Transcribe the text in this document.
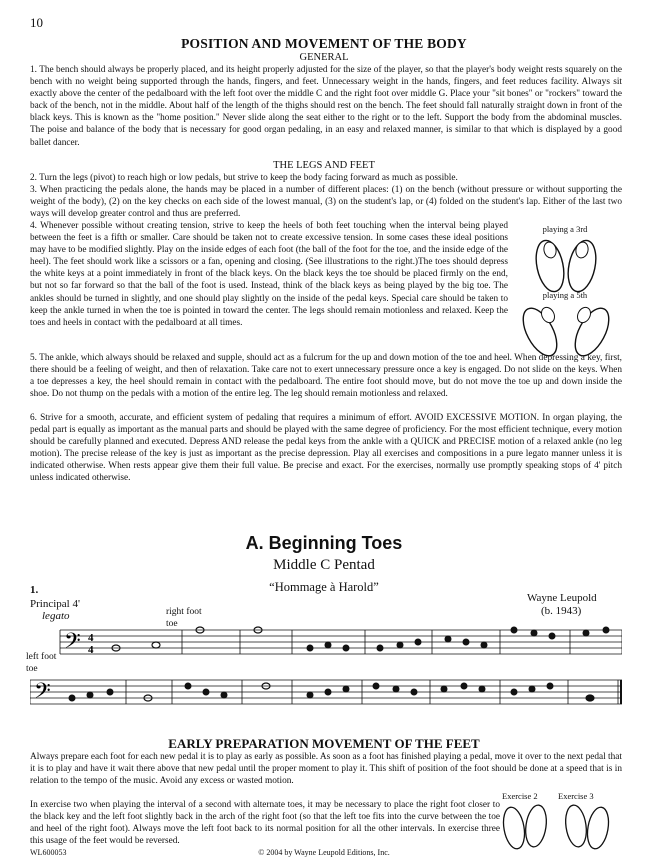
10
POSITION AND MOVEMENT OF THE BODY
GENERAL
1. The bench should always be properly placed, and its height properly adjusted for the size of the player, so that the player's body weight rests squarely on the bench with no weight being supported through the hands, fingers, and feet. Unnecessary weight in the hands, fingers, and feet reduces facility. Always sit exactly above the center of the pedalboard with the left foot over the middle C and the right foot over middle G. Place your "sit bones" or "rockers" toward the back of the bench, not in the middle. About half of the length of the thighs should rest on the bench. The feet should fall naturally straight down in front of the black keys. This is known as the "home position." Never slide along the seat either to the right or to the left. Support the body from the abdominal muscles. The poise and balance of the body that is necessary for good organ pedaling, in an easy and relaxed manner, is similar to that which is displayed by a good ballet dancer.
THE LEGS AND FEET
2. Turn the legs (pivot) to reach high or low pedals, but strive to keep the body facing forward as much as possible.
3. When practicing the pedals alone, the hands may be placed in a number of different places: (1) on the bench (without pressure or without supporting the weight of the body), (2) on the key checks on each side of the lowest manual, (3) on the student's lap, or (4) folded on the student's lap. Either of the last two ways will develop greater control and thus are preferred.
4. Whenever possible without creating tension, strive to keep the heels of both feet touching when the interval being played between the feet is a fifth or smaller. Care should be taken not to create excessive tension. In some cases these ideal positions may have to be modified slightly. Play on the inside edges of each foot (the ball of the foot for the toe, and the inside edge of the heel). The feet should work like a scissors or a fan, opening and closing. (See illustrations to the right.)The toes should depress the white keys at a point immediately in front of the black keys. On the black keys the toe should be placed firmly on the end, but not so far forward so that the ball of the foot is used. Instead, think of the black keys as being played by the big toe. The ankles should be turned in slightly, and one should play slightly on the inside of the pedal keys. Special care should be taken to keep the ankle turned in when the toe is pointed in toward the center. The legs should remain motionless and relaxed. Keep the toes and heels in contact with the pedalboard at all times.
5. The ankle, which always should be relaxed and supple, should act as a fulcrum for the up and down motion of the toe and heel. When depressing a key, first, there should be a feeling of weight, and then of relaxation. Take care not to exert unnecessary pressure once a key is engaged. Do not slide on the keys. When a toe depresses a key, the heel should remain in contact with the pedalboard. The entire foot should move, but do not move the toe up and down inside the shoe. Do not thump on the pedals with a motion of the entire leg. The leg should remain motionless and relaxed.
6. Strive for a smooth, accurate, and efficient system of pedaling that requires a minimum of effort. AVOID EXCESSIVE MOTION. In organ playing, the pedal part is equally as important as the manual parts and should be played with the same degree of proficiency. For the most efficient technique, every motion should be carefully planned and executed. Depress AND release the pedal keys from the ankle with a QUICK and PRECISE motion of a relaxed ankle (no leg motion). The precise release of the key is just as important as the precise depression. Play all exercises and compositions in a pure legato manner unless it is indicated otherwise. When rests appear give them their full value. Be precise and exact. For the exercises, normally use promptly speaking stops of 4' pitch unless indicated otherwise.
playing a 3rd
playing a 5th
A. Beginning Toes
Middle C Pentad
“Hommage à Harold”
1.
Principal 4'
legato
Wayne Leupold
(b. 1943)
right foot
toe
left foot
toe
𝄢 4
4
𝄢
EARLY PREPARATION MOVEMENT OF THE FEET
Always prepare each foot for each new pedal it is to play as early as possible. As soon as a foot has finished playing a pedal, move it over to the next pedal that it is to play and have it wait there above that new pedal until the proper moment to play it. This shift of position of the foot should be done at a speed that is in relation to the tempo of the music. Avoid any excess or wasted motion.
In exercise two when playing the interval of a second with alternate toes, it may be necessary to place the right foot closer to the black key and the left foot slightly back in the arch of the right foot (so that the left toe fits into the curve between the toe and heel of the right foot). Always move the left foot back to its normal position for all the other intervals. In exercise three this usage of the feet would be reversed.
Exercise 2 Exercise 3
WL600053	© 2004 by Wayne Leupold Editions, Inc.
